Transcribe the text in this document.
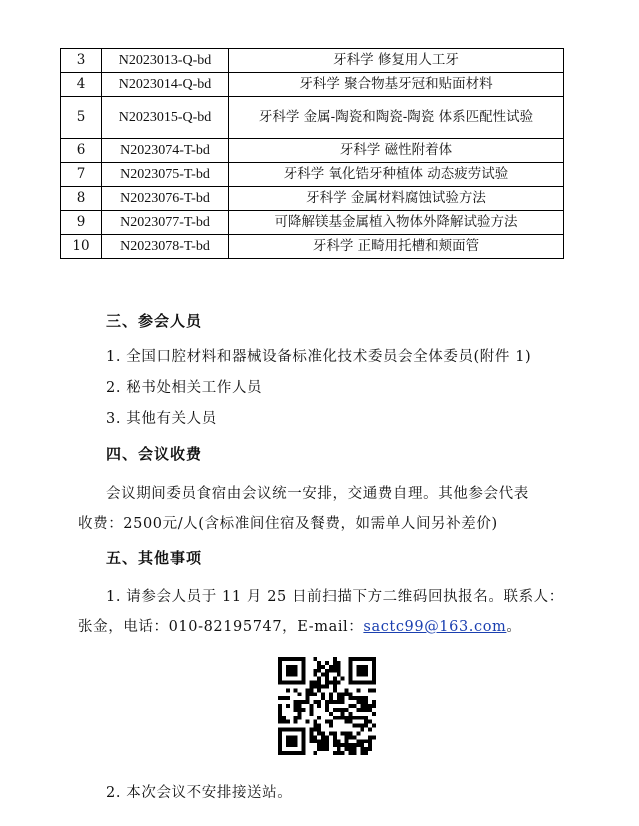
3	N2023013-Q-bd	牙科学 修复用人工牙
4	N2023014-Q-bd	牙科学 聚合物基牙冠和贴面材料
5	N2023015-Q-bd	牙科学 金属-陶瓷和陶瓷-陶瓷 体系匹配性试验
6	N2023074-T-bd	牙科学 磁性附着体
7	N2023075-T-bd	牙科学 氧化锆牙种植体 动态疲劳试验
8	N2023076-T-bd	牙科学 金属材料腐蚀试验方法
9	N2023077-T-bd	可降解镁基金属植入物体外降解试验方法
10	N2023078-T-bd	牙科学 正畸用托槽和颊面管
三、参会人员
1. 全国口腔材料和器械设备标准化技术委员会全体委员(附件 1)
2. 秘书处相关工作人员
3. 其他有关人员
四、会议收费
会议期间委员食宿由会议统一安排，交通费自理。其他参会代表
收费：2500元/人(含标准间住宿及餐费，如需单人间另补差价)
五、其他事项
1. 请参会人员于 11 月 25 日前扫描下方二维码回执报名。联系人：
张金，电话：010-82195747，E-mail：sactc99@163.com。
2. 本次会议不安排接送站。
